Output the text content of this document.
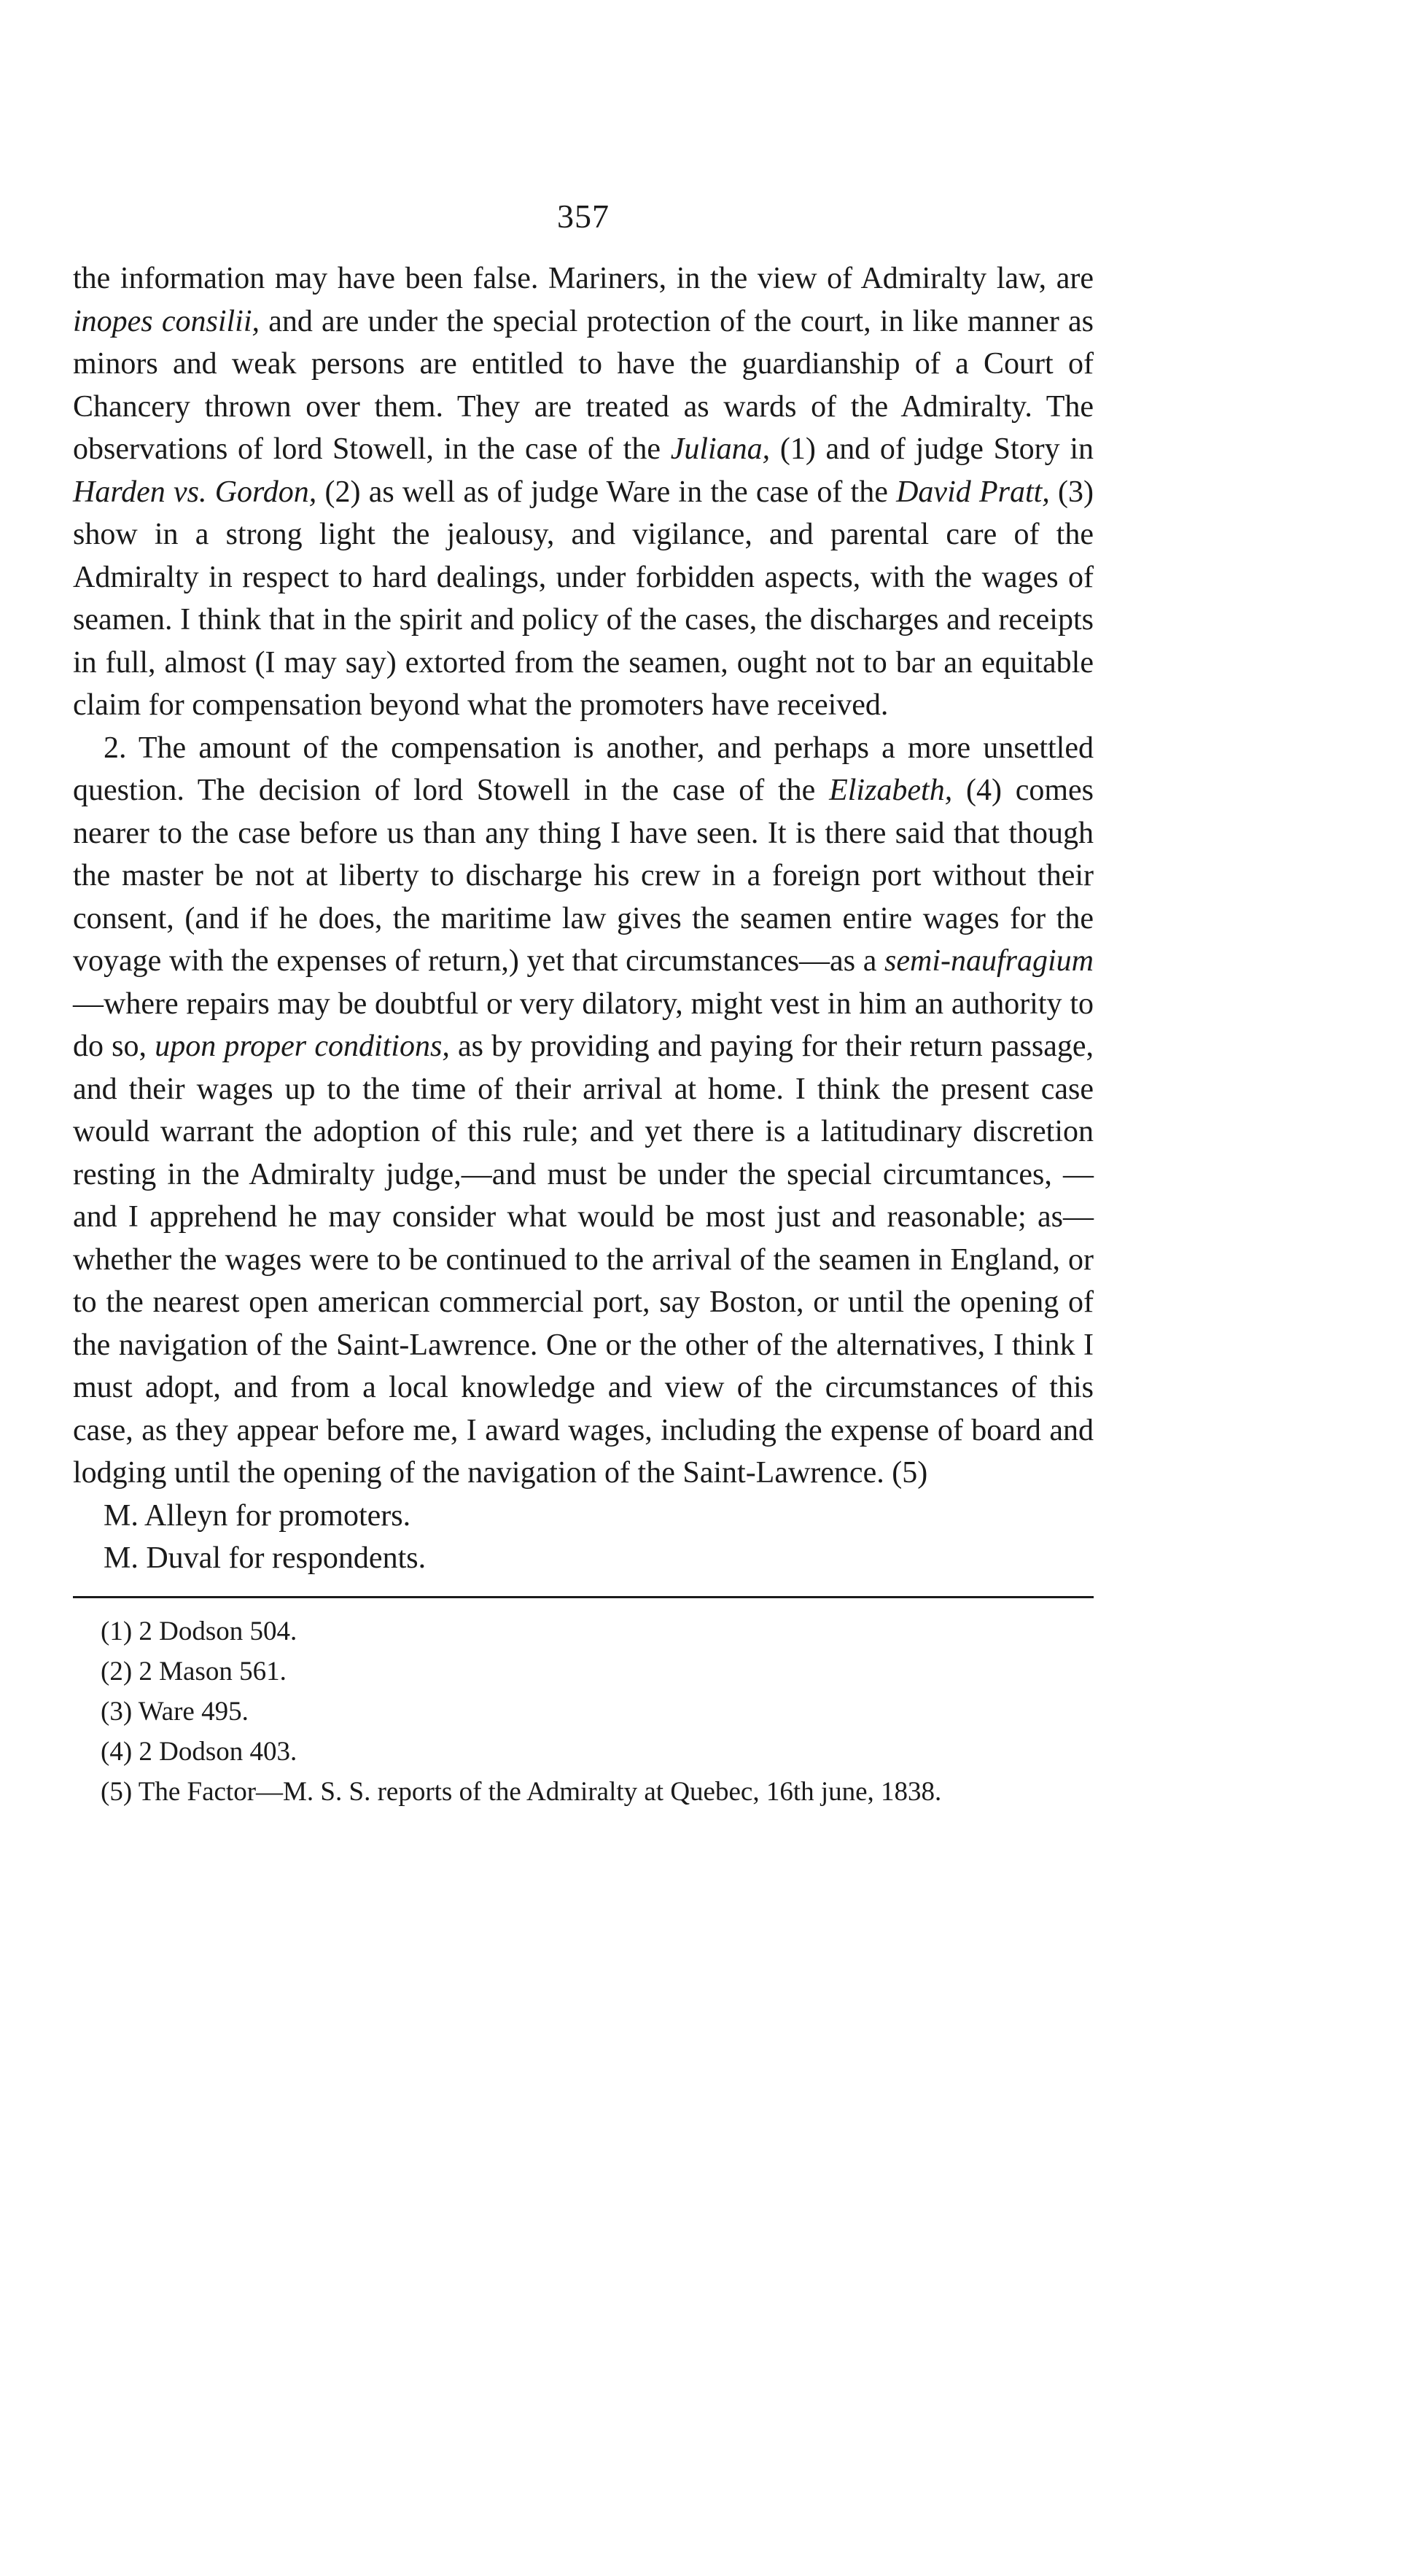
357

the information may have been false. Mariners, in the view of Admiralty law, are inopes consilii, and are under the special protection of the court, in like manner as minors and weak persons are entitled to have the guardianship of a Court of Chancery thrown over them. They are treated as wards of the Admiralty. The observations of lord Stowell, in the case of the Juliana, (1) and of judge Story in Harden vs. Gordon, (2) as well as of judge Ware in the case of the David Pratt, (3) show in a strong light the jealousy, and vigilance, and parental care of the Admiralty in respect to hard dealings, under forbidden aspects, with the wages of seamen. I think that in the spirit and policy of the cases, the discharges and receipts in full, almost (I may say) extorted from the seamen, ought not to bar an equitable claim for compensation beyond what the promoters have received.

2. The amount of the compensation is another, and perhaps a more unsettled question. The decision of lord Stowell in the case of the Elizabeth, (4) comes nearer to the case before us than any thing I have seen. It is there said that though the master be not at liberty to discharge his crew in a foreign port without their consent, (and if he does, the maritime law gives the seamen entire wages for the voyage with the expenses of return,) yet that circumstances—as a semi-naufragium—where repairs may be doubtful or very dilatory, might vest in him an authority to do so, upon proper conditions, as by providing and paying for their return passage, and their wages up to the time of their arrival at home. I think the present case would warrant the adoption of this rule; and yet there is a latitudinary discretion resting in the Admiralty judge,—and must be under the special circumtances, —and I apprehend he may consider what would be most just and reasonable; as—whether the wages were to be continued to the arrival of the seamen in England, or to the nearest open american commercial port, say Boston, or until the opening of the navigation of the Saint-Lawrence. One or the other of the alternatives, I think I must adopt, and from a local knowledge and view of the circumstances of this case, as they appear before me, I award wages, including the expense of board and lodging until the opening of the navigation of the Saint-Lawrence. (5)

M. Alleyn for promoters.
M. Duval for respondents.
(1) 2 Dodson 504.
(2) 2 Mason 561.
(3) Ware 495.
(4) 2 Dodson 403.
(5) The Factor—M. S. S. reports of the Admiralty at Quebec, 16th june, 1838.
